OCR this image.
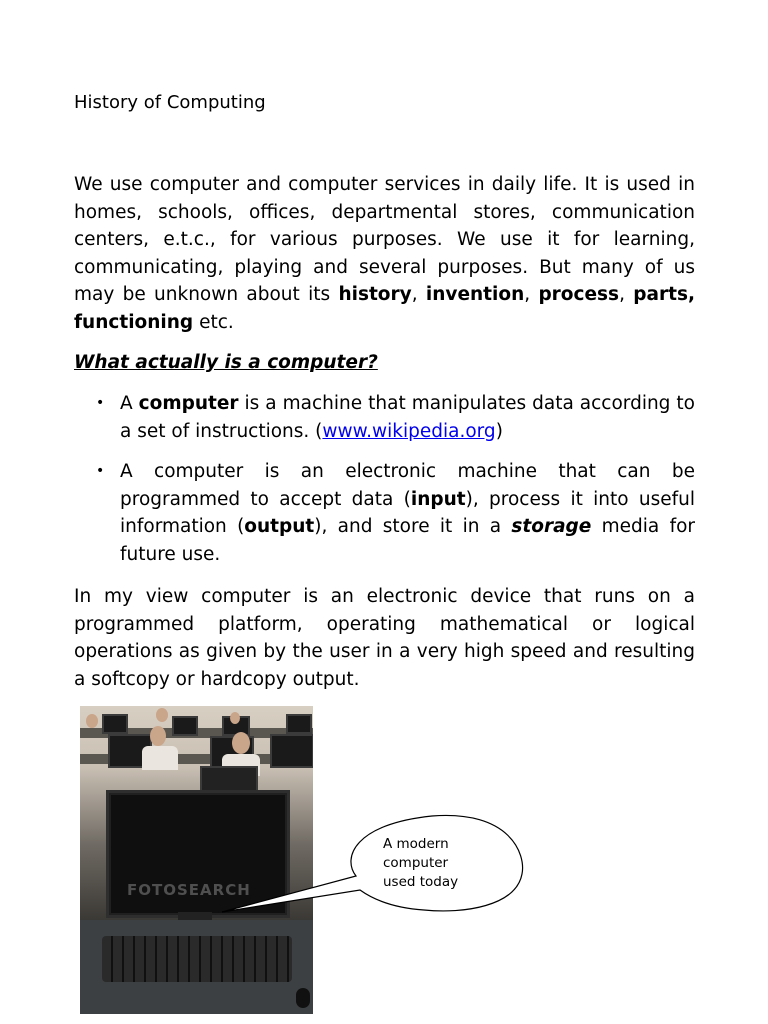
History of Computing
We use computer and computer services in daily life. It is used in homes, schools, offices, departmental stores, communication centers, e.t.c., for various purposes. We use it for learning, communicating, playing and several purposes. But many of us may be unknown about its history, invention, process, parts, functioning etc.
What actually is a computer?
• A computer is a machine that manipulates data according to a set of instructions. (www.wikipedia.org)
• A computer is an electronic machine that can be programmed to accept data (input), process it into useful information (output), and store it in a storage media for future use.
In my view computer is an electronic device that runs on a programmed platform, operating mathematical or logical operations as given by the user in a very high speed and resulting a softcopy or hardcopy output.
FOTOSEARCH
A modern
computer
used today
